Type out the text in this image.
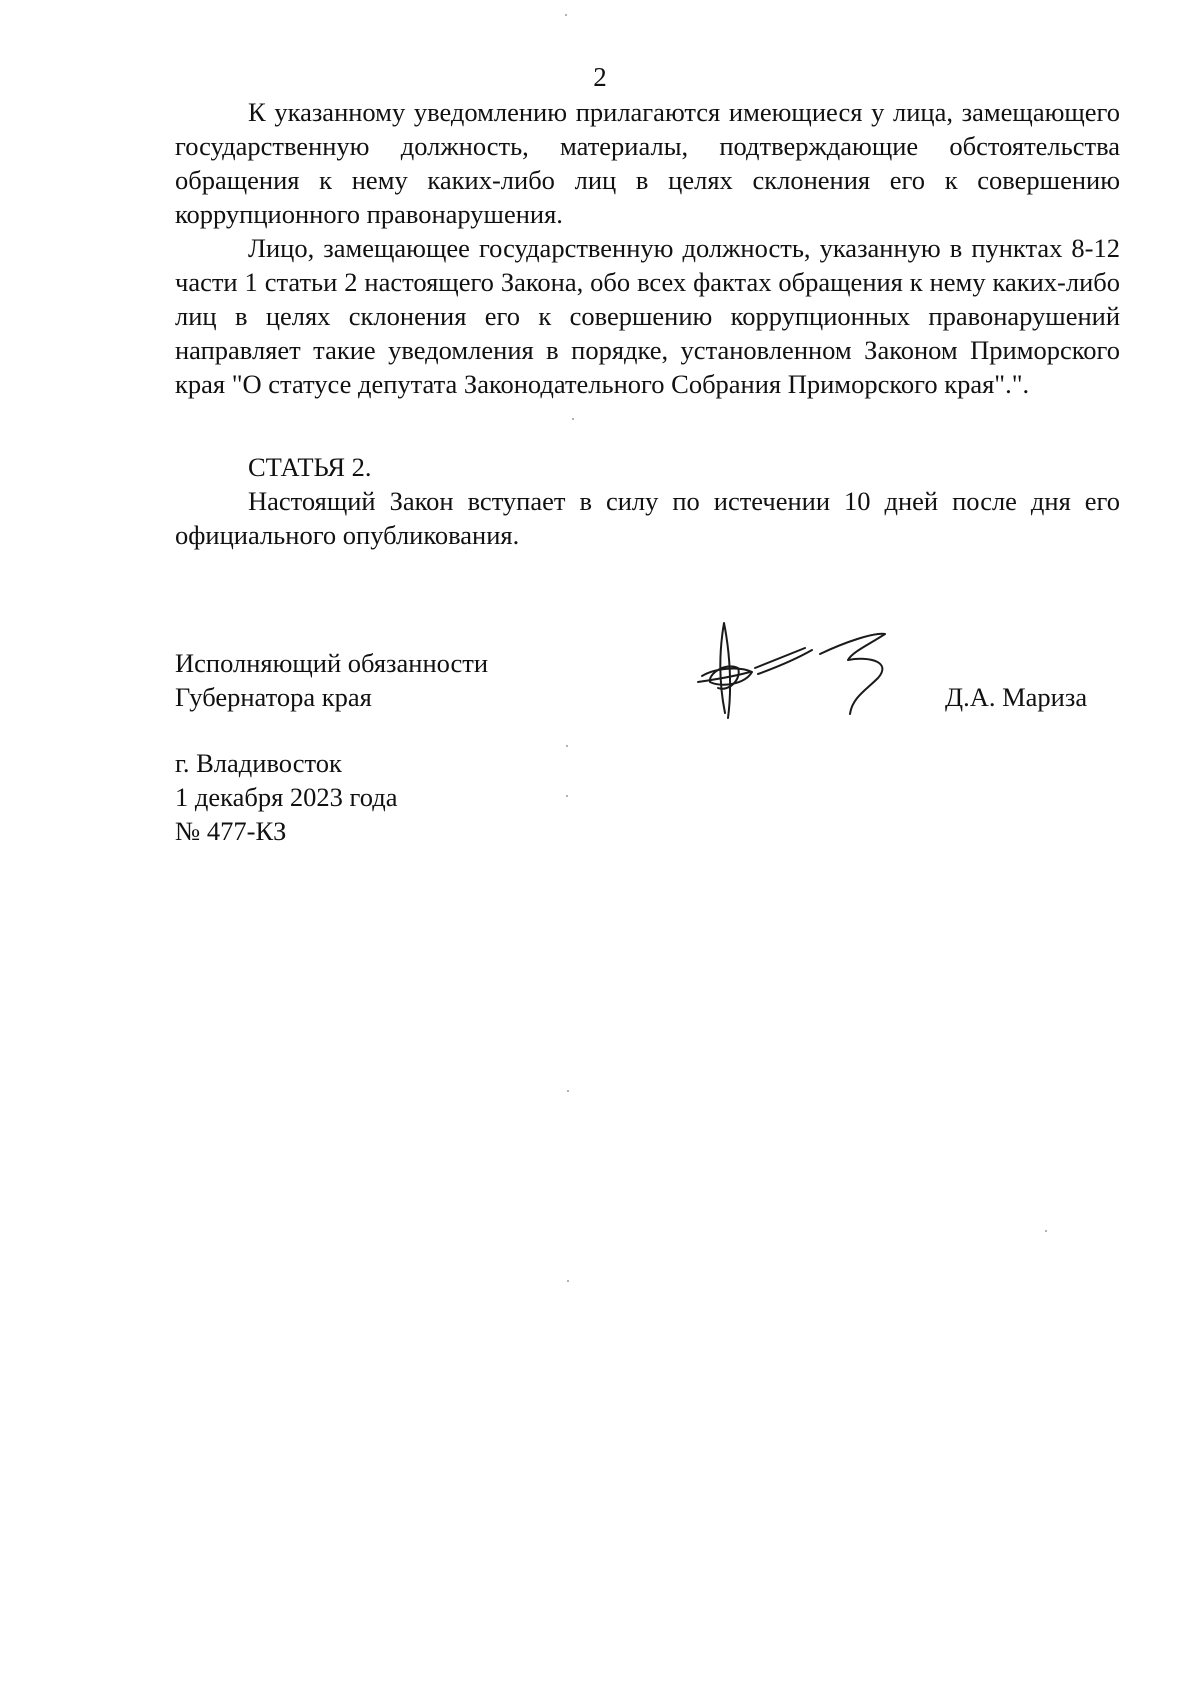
2

К указанному уведомлению прилагаются имеющиеся у лица, замещающего государственную должность, материалы, подтверждающие обстоятельства обращения к нему каких-либо лиц в целях склонения его к совершению коррупционного правонарушения.

Лицо, замещающее государственную должность, указанную в пунктах 8-12 части 1 статьи 2 настоящего Закона, обо всех фактах обращения к нему каких-либо лиц в целях склонения его к совершению коррупционных правонарушений направляет такие уведомления в порядке, установленном Законом Приморского края "О статусе депутата Законодательного Собрания Приморского края".".

СТАТЬЯ 2.

Настоящий Закон вступает в силу по истечении 10 дней после дня его официального опубликования.

Исполняющий обязанности
Губернатора края	Д.А. Мариза
г. Владивосток
1 декабря 2023 года
№ 477-КЗ
